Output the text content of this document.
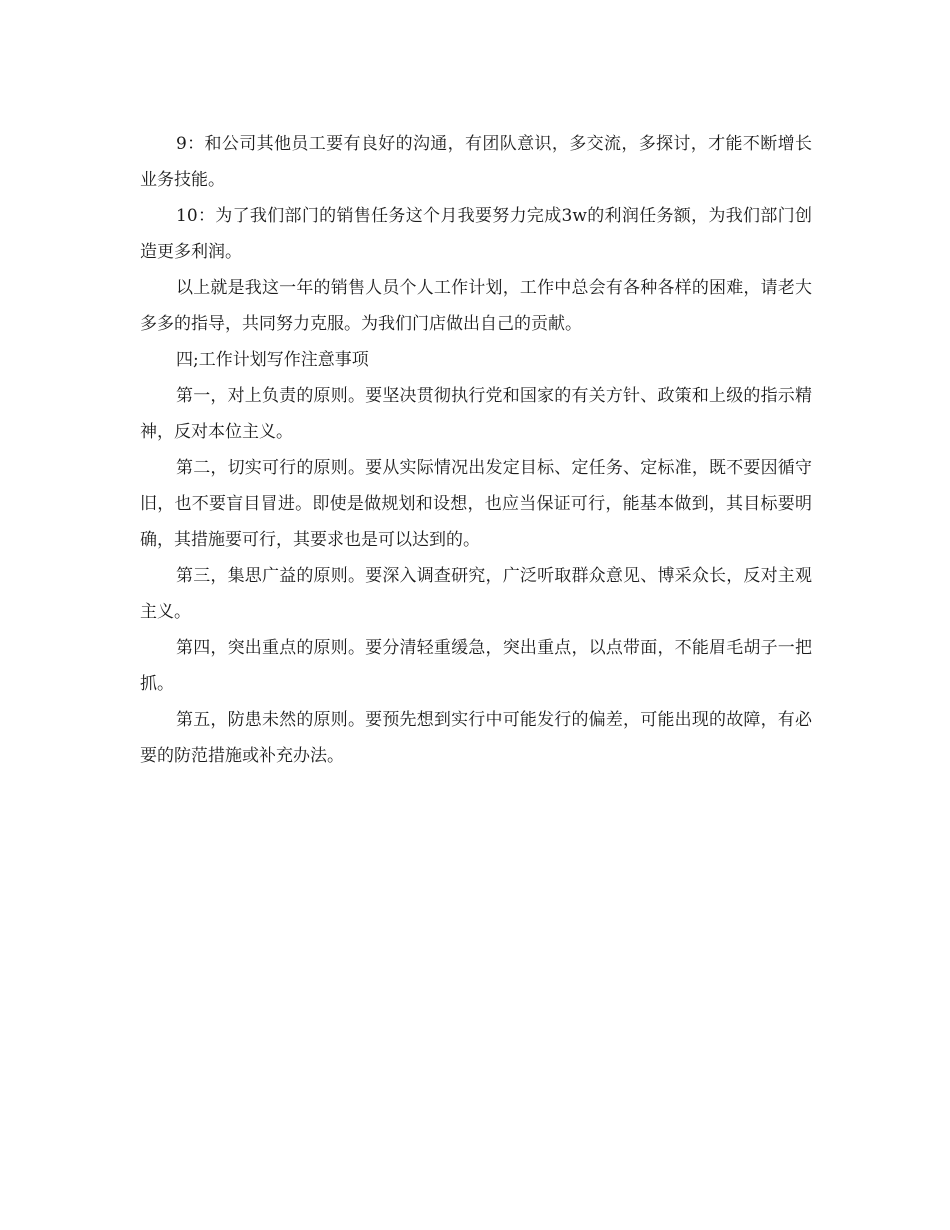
9：和公司其他员工要有良好的沟通，有团队意识，多交流，多探讨，才能不断增长业务技能。

10：为了我们部门的销售任务这个月我要努力完成3w的利润任务额，为我们部门创造更多利润。

以上就是我这一年的销售人员个人工作计划，工作中总会有各种各样的困难，请老大多多的指导，共同努力克服。为我们门店做出自己的贡献。

四;工作计划写作注意事项

第一，对上负责的原则。要坚决贯彻执行党和国家的有关方针、政策和上级的指示精神，反对本位主义。

第二，切实可行的原则。要从实际情况出发定目标、定任务、定标准，既不要因循守旧，也不要盲目冒进。即使是做规划和设想，也应当保证可行，能基本做到，其目标要明确，其措施要可行，其要求也是可以达到的。

第三，集思广益的原则。要深入调查研究，广泛听取群众意见、博采众长，反对主观主义。

第四，突出重点的原则。要分清轻重缓急，突出重点，以点带面，不能眉毛胡子一把抓。

第五，防患未然的原则。要预先想到实行中可能发行的偏差，可能出现的故障，有必要的防范措施或补充办法。
